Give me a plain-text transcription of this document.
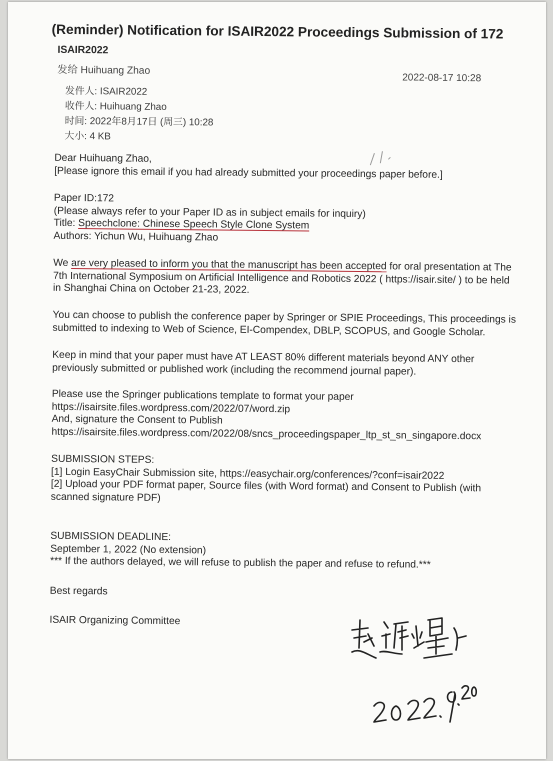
(Reminder) Notification for ISAIR2022 Proceedings Submission of 172
ISAIR2022
发给 Huihuang Zhao
2022-08-17 10:28
发件人: ISAIR2022
收件人: Huihuang Zhao
时间: 2022年8月17日 (周三) 10:28
大小: 4 KB
Dear Huihuang Zhao,
[Please ignore this email if you had already submitted your proceedings paper before.]
Paper ID:172
(Please always refer to your Paper ID as in subject emails for inquiry)
Title: Speechclone: Chinese Speech Style Clone System
Authors: Yichun Wu, Huihuang Zhao
We are very pleased to inform you that the manuscript has been accepted for oral presentation at The
7th International Symposium on Artificial Intelligence and Robotics 2022 ( https://isair.site/ ) to be held
in Shanghai China on October 21-23, 2022.
You can choose to publish the conference paper by Springer or SPIE Proceedings, This proceedings is
submitted to indexing to Web of Science, EI-Compendex, DBLP, SCOPUS, and Google Scholar.
Keep in mind that your paper must have AT LEAST 80% different materials beyond ANY other
previously submitted or published work (including the recommend journal paper).
Please use the Springer publications template to format your paper
https://isairsite.files.wordpress.com/2022/07/word.zip
And, signature the Consent to Publish
https://isairsite.files.wordpress.com/2022/08/sncs_proceedingspaper_ltp_st_sn_singapore.docx
SUBMISSION STEPS:
[1] Login EasyChair Submission site, https://easychair.org/conferences/?conf=isair2022
[2] Upload your PDF format paper, Source files (with Word format) and Consent to Publish (with
scanned signature PDF)
SUBMISSION DEADLINE:
September 1, 2022 (No extension)
*** If the authors delayed, we will refuse to publish the paper and refuse to refund.***
Best regards
ISAIR Organizing Committee
